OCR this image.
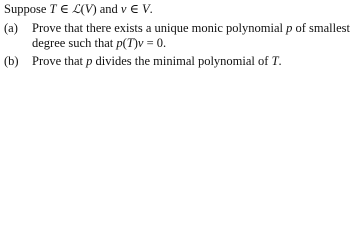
Suppose T ∈ ℒ(V) and v ∈ V.
(a)	Prove that there exists a unique monic polynomial p of smallest
degree such that p(T)v = 0.
(b)	Prove that p divides the minimal polynomial of T.
